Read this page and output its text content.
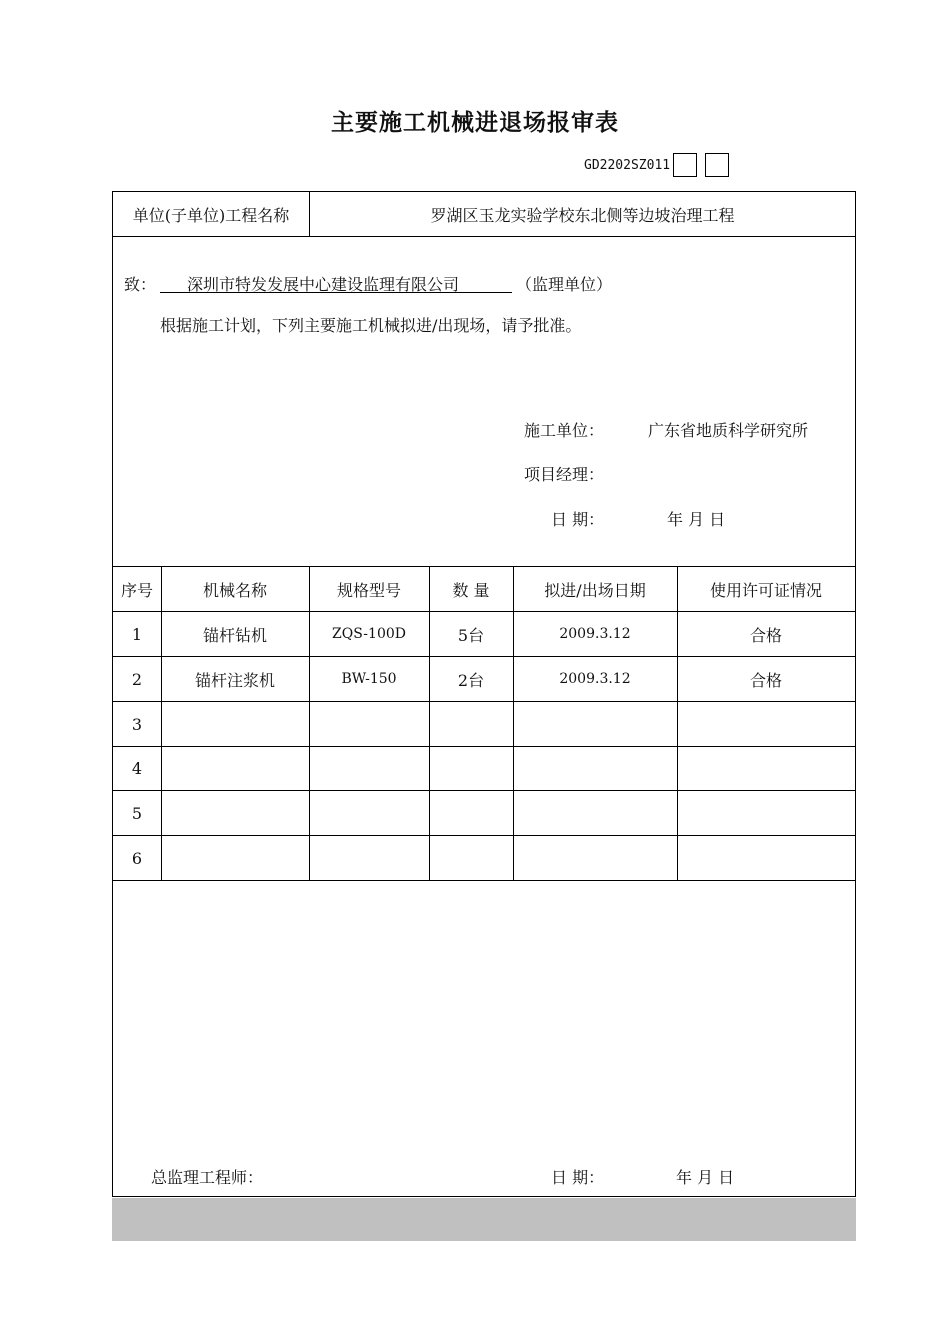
主要施工机械进退场报审表
GD2202SZ011
单位(子单位)工程名称	罗湖区玉龙实验学校东北侧等边坡治理工程
致： 深圳市特发发展中心建设监理有限公司	（监理单位）
根据施工计划，下列主要施工机械拟进/出现场，请予批准。
施工单位：	广东省地质科学研究所
项目经理：
日 期：	年 月 日
序号	机械名称	规格型号	数 量	拟进/出场日期	使用许可证情况
1	锚杆钻机	ZQS-100D	5台	2009.3.12	合格
2	锚杆注浆机	BW-150	2台	2009.3.12	合格
3
4
5
6
总监理工程师：	日 期：	年 月 日
